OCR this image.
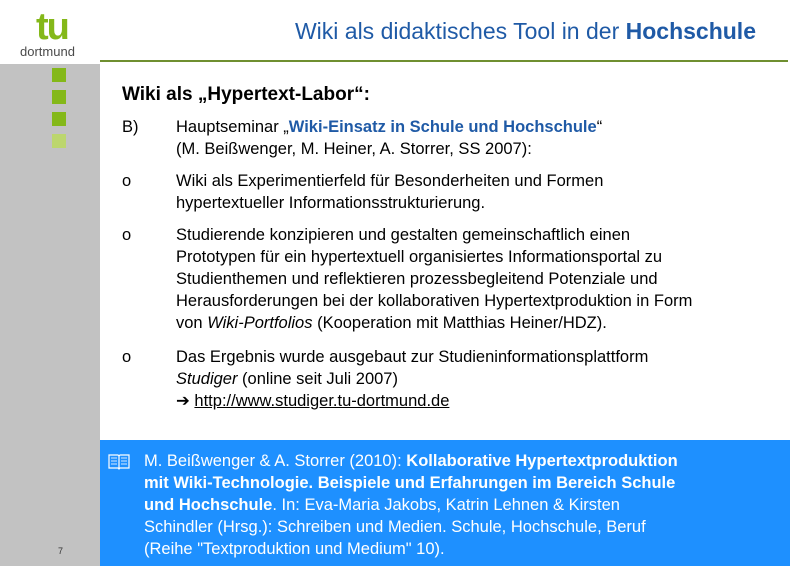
tu
dortmund
Wiki als didaktisches Tool in der Hochschule
7
Wiki als „Hypertext-Labor“:
B)	Hauptseminar „Wiki-Einsatz in Schule und Hochschule“
(M. Beißwenger, M. Heiner, A. Storrer, SS 2007):
o	Wiki als Experimentierfeld für Besonderheiten und Formen
hypertextueller Informationsstrukturierung.
o	Studierende konzipieren und gestalten gemeinschaftlich einen
Prototypen für ein hypertextuell organisiertes Informationsportal zu
Studienthemen und reflektieren prozessbegleitend Potenziale und
Herausforderungen bei der kollaborativen Hypertextproduktion in Form
von Wiki-Portfolios (Kooperation mit Matthias Heiner/HDZ).
o	Das Ergebnis wurde ausgebaut zur Studieninformationsplattform
Studiger (online seit Juli 2007)
➔ http://www.studiger.tu-dortmund.de
M. Beißwenger & A. Storrer (2010): Kollaborative Hypertextproduktion
mit Wiki-Technologie. Beispiele und Erfahrungen im Bereich Schule
und Hochschule. In: Eva-Maria Jakobs, Katrin Lehnen & Kirsten
Schindler (Hrsg.): Schreiben und Medien. Schule, Hochschule, Beruf
(Reihe "Textproduktion und Medium" 10).
